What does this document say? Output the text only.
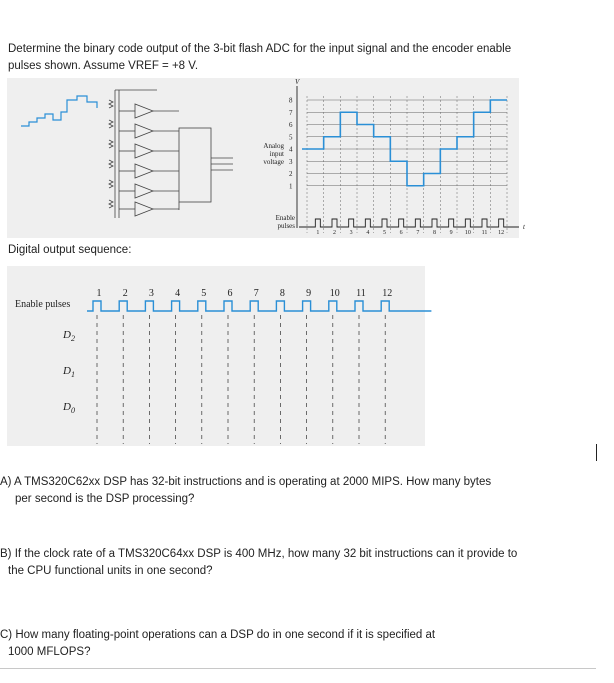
Determine the binary code output of the 3-bit flash ADC for the input signal and the encoder enable
pulses shown. Assume VREF = +8 V.
V
8
7
6
5
4
3
2
1
Analog
input
voltage
t
Enable
pulses
1 2 3 4 5 6 7 8 9 10 11 12
Digital output sequence:
Enable pulses
1 2 3 4 5 6 7 8 9 10 11 12
$D_2$
$D_1$
$D_0$
A) A TMS320C62xx DSP has 32-bit instructions and is operating at 2000 MIPS. How many bytes
per second is the DSP processing?
B) If the clock rate of a TMS320C64xx DSP is 400 MHz, how many 32 bit instructions can it provide to
the CPU functional units in one second?
C) How many floating-point operations can a DSP do in one second if it is specified at
1000 MFLOPS?
